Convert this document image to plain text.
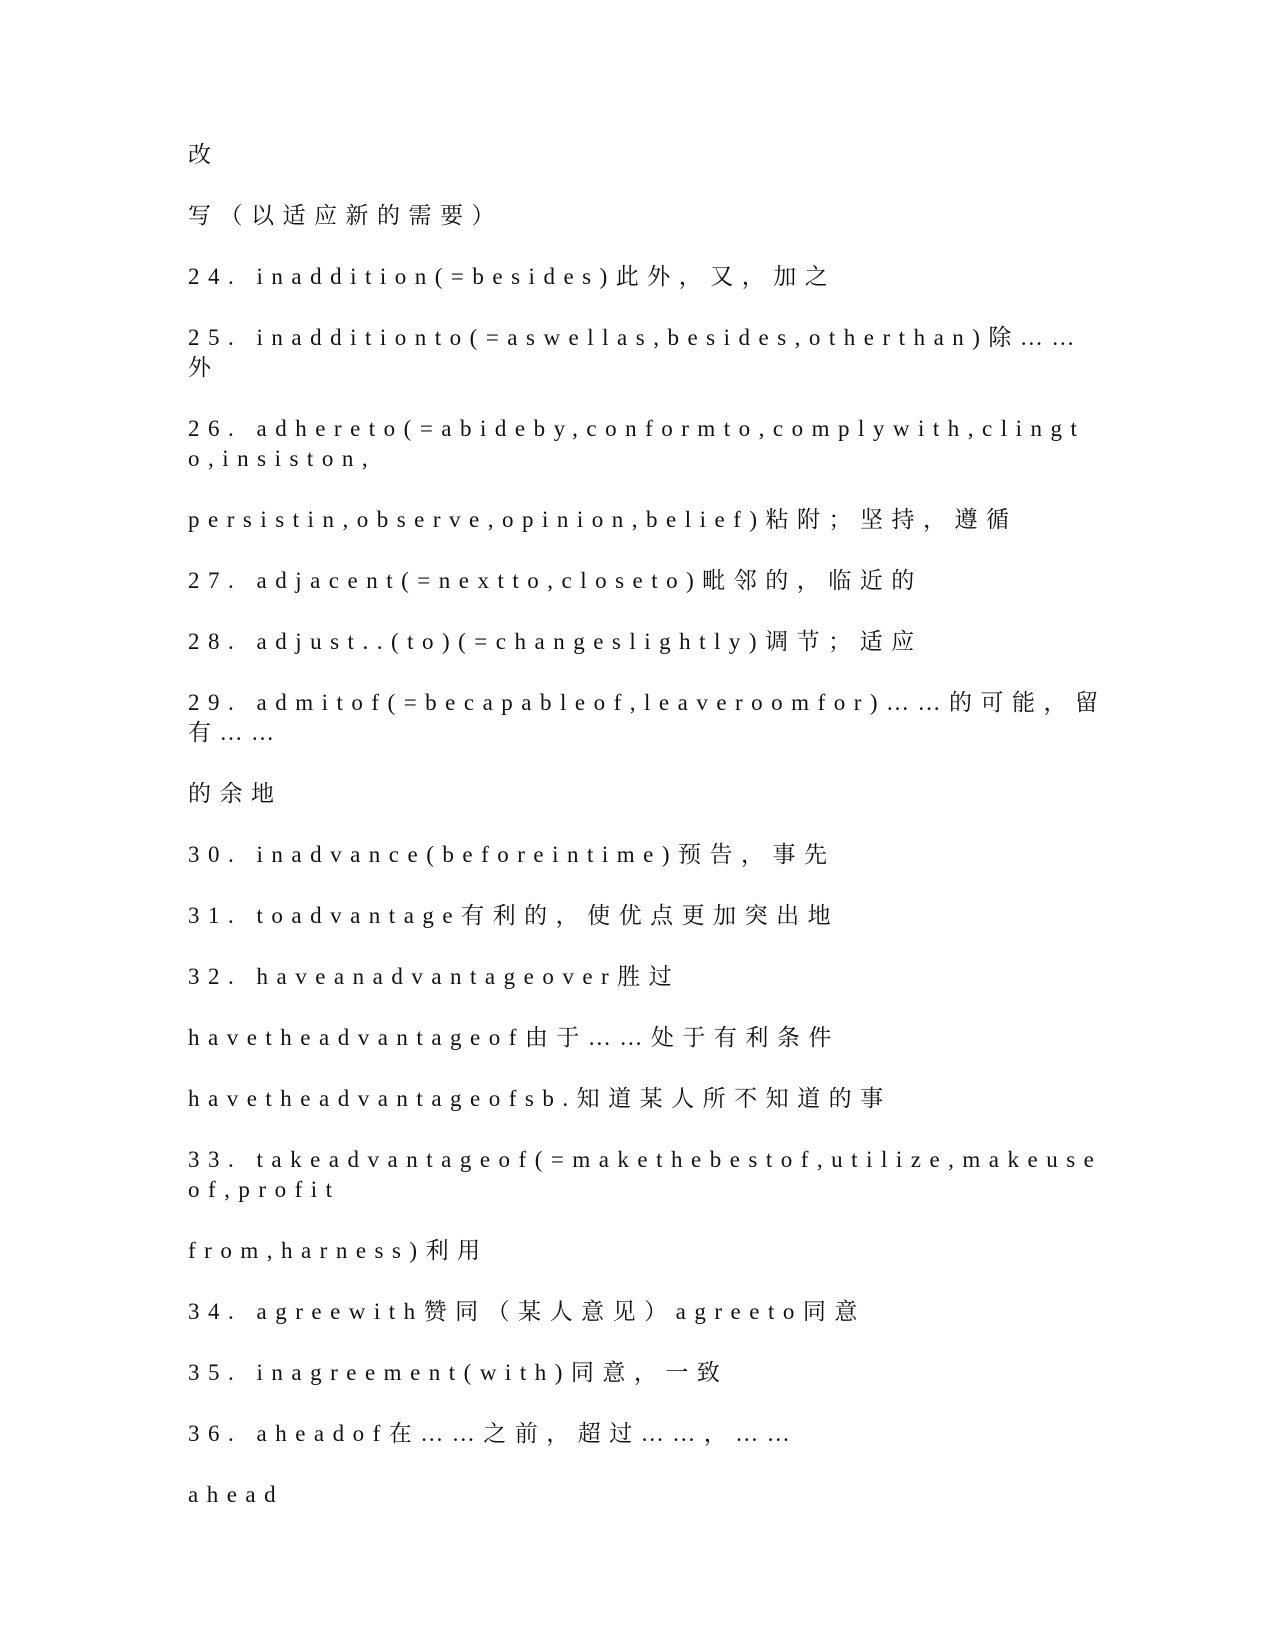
改
写（以适应新的需要）
24. inaddition(=besides)此外，又，加之
25. inadditionto(=aswellas,besides,otherthan)除……外
26. adhereto(=abideby,conformto,complywith,clingto,insiston,
persistin,observe,opinion,belief)粘附；坚持，遵循
27. adjacent(=nextto,closeto)毗邻的，临近的
28. adjust..(to)(=changeslightly)调节；适应
29. admitof(=becapableof,leaveroomfor)……的可能，留有……
的余地
30. inadvance(beforeintime)预告，事先
31. toadvantage有利的，使优点更加突出地
32. haveanadvantageover胜过
havetheadvantageof由于……处于有利条件
havetheadvantageofsb.知道某人所不知道的事
33. takeadvantageof(=makethebestof,utilize,makeuseof,profit
from,harness)利用
34. agreewith赞同（某人意见）agreeto同意
35. inagreement(with)同意，一致
36. aheadof在……之前，超过……，……
ahead
